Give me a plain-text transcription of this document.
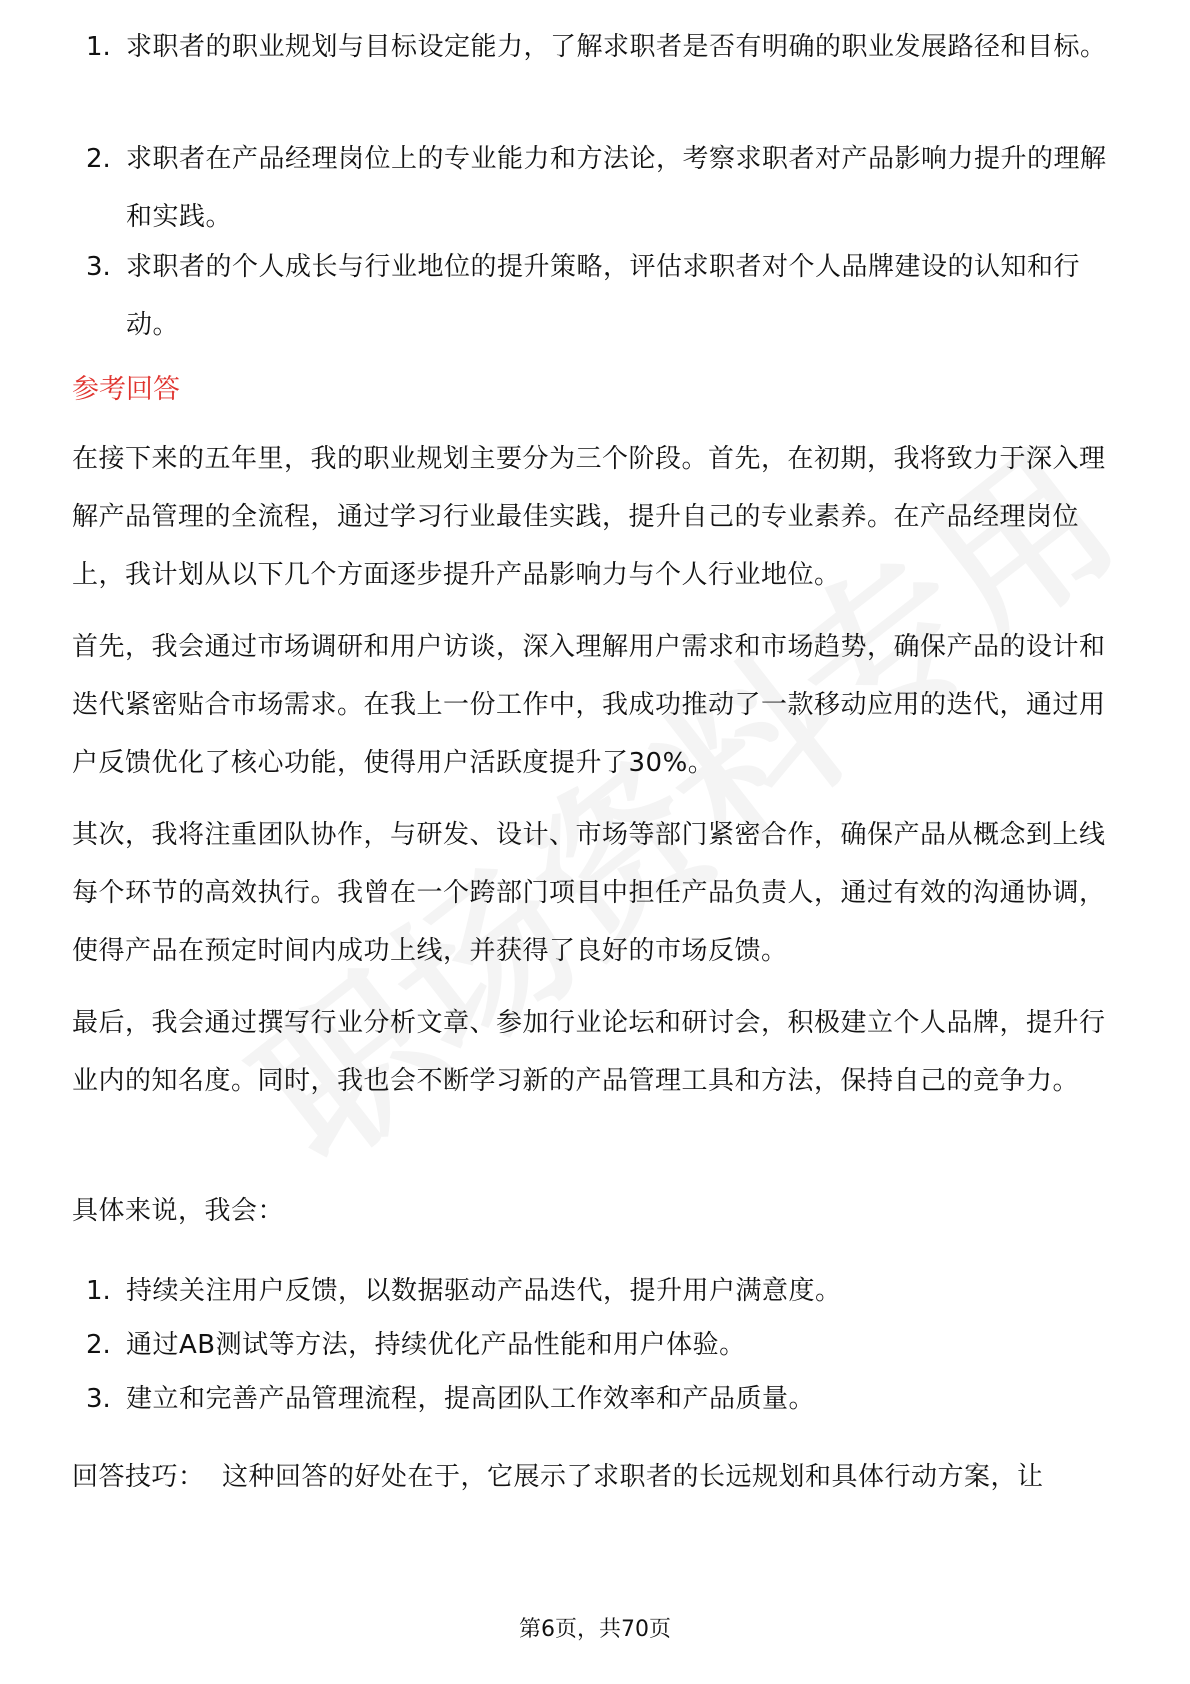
1. 求职者的职业规划与目标设定能力，了解求职者是否有明确的职业发展路径和目标。
2. 求职者在产品经理岗位上的专业能力和方法论，考察求职者对产品影响力提升的理解和实践。
3. 求职者的个人成长与行业地位的提升策略，评估求职者对个人品牌建设的认知和行动。
参考回答
在接下来的五年里，我的职业规划主要分为三个阶段。首先，在初期，我将致力于深入理解产品管理的全流程，通过学习行业最佳实践，提升自己的专业素养。在产品经理岗位上，我计划从以下几个方面逐步提升产品影响力与个人行业地位。
首先，我会通过市场调研和用户访谈，深入理解用户需求和市场趋势，确保产品的设计和迭代紧密贴合市场需求。在我上一份工作中，我成功推动了一款移动应用的迭代，通过用户反馈优化了核心功能，使得用户活跃度提升了30%。
其次，我将注重团队协作，与研发、设计、市场等部门紧密合作，确保产品从概念到上线每个环节的高效执行。我曾在一个跨部门项目中担任产品负责人，通过有效的沟通协调，使得产品在预定时间内成功上线，并获得了良好的市场反馈。
最后，我会通过撰写行业分析文章、参加行业论坛和研讨会，积极建立个人品牌，提升行业内的知名度。同时，我也会不断学习新的产品管理工具和方法，保持自己的竞争力。
具体来说，我会：
1. 持续关注用户反馈，以数据驱动产品迭代，提升用户满意度。
2. 通过AB测试等方法，持续优化产品性能和用户体验。
3. 建立和完善产品管理流程，提高团队工作效率和产品质量。
回答技巧：  这种回答的好处在于，它展示了求职者的长远规划和具体行动方案，让
第6页，共70页
